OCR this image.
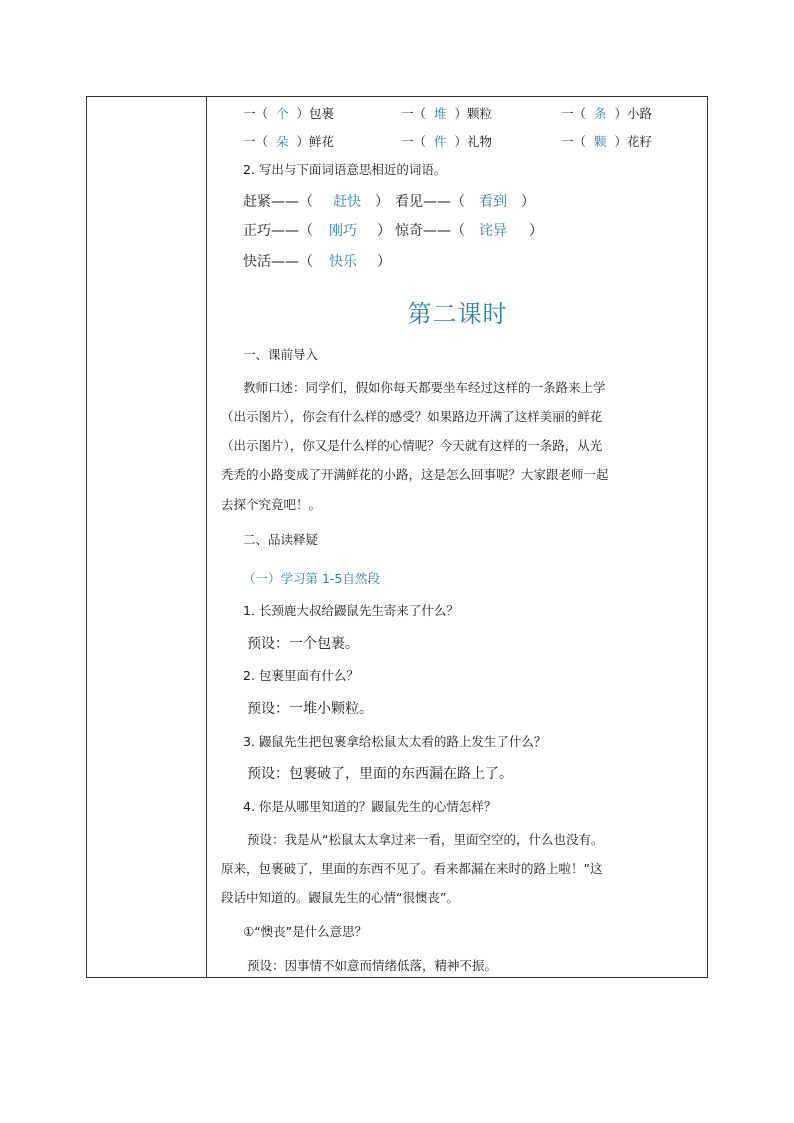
一（ 个 ）包裹	一（ 堆 ）颗粒	一（ 条 ）小路
一（ 朵 ）鲜花	一（ 件 ）礼物	一（ 颗 ）花籽
2. 写出与下面词语意思相近的词语。
赶紧——（ 赶快 ） 看见——（ 看到 ）
正巧——（ 刚巧 ） 惊奇——（ 诧异 ）
快活——（ 快乐 ）
第二课时
一、课前导入
教师口述：同学们，假如你每天都要坐车经过这样的一条路来上学
（出示图片），你会有什么样的感受？如果路边开满了这样美丽的鲜花
（出示图片），你又是什么样的心情呢？今天就有这样的一条路，从光
秃秃的小路变成了开满鲜花的小路，这是怎么回事呢？大家跟老师一起
去探个究竟吧！。
二、品读释疑
（一）学习第 1-5自然段
1. 长颈鹿大叔给鼹鼠先生寄来了什么？
预设：一个包裹。
2. 包裹里面有什么？
预设：一堆小颗粒。
3. 鼹鼠先生把包裹拿给松鼠太太看的路上发生了什么？
预设：包裹破了，里面的东西漏在路上了。
4. 你是从哪里知道的？鼹鼠先生的心情怎样？
预设：我是从“松鼠太太拿过来一看，里面空空的，什么也没有。
原来，包裹破了，里面的东西不见了。看来都漏在来时的路上啦！”这
段话中知道的。鼹鼠先生的心情“很懊丧”。
①“懊丧”是什么意思？
预设：因事情不如意而情绪低落，精神不振。
